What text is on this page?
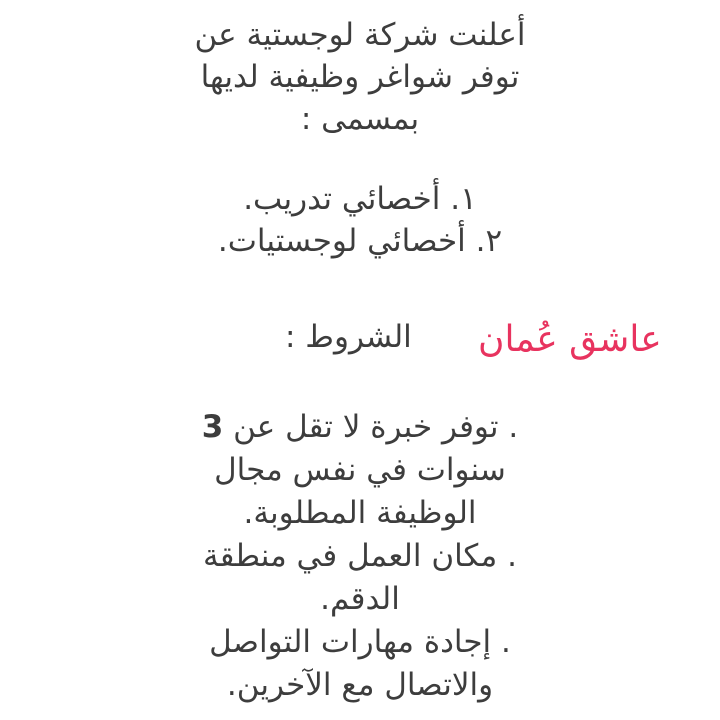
أعلنت شركة لوجستية عن

توفر شواغر وظيفية لديها

بمسمى :

١. أخصائي تدريب.

٢. أخصائي لوجستيات.

عاشق عُمان
الشروط :

. توفر خبرة لا تقل عن 3

سنوات في نفس مجال

الوظيفة المطلوبة.

. مكان العمل في منطقة

الدقم.

. إجادة مهارات التواصل

والاتصال مع الآخرين.
